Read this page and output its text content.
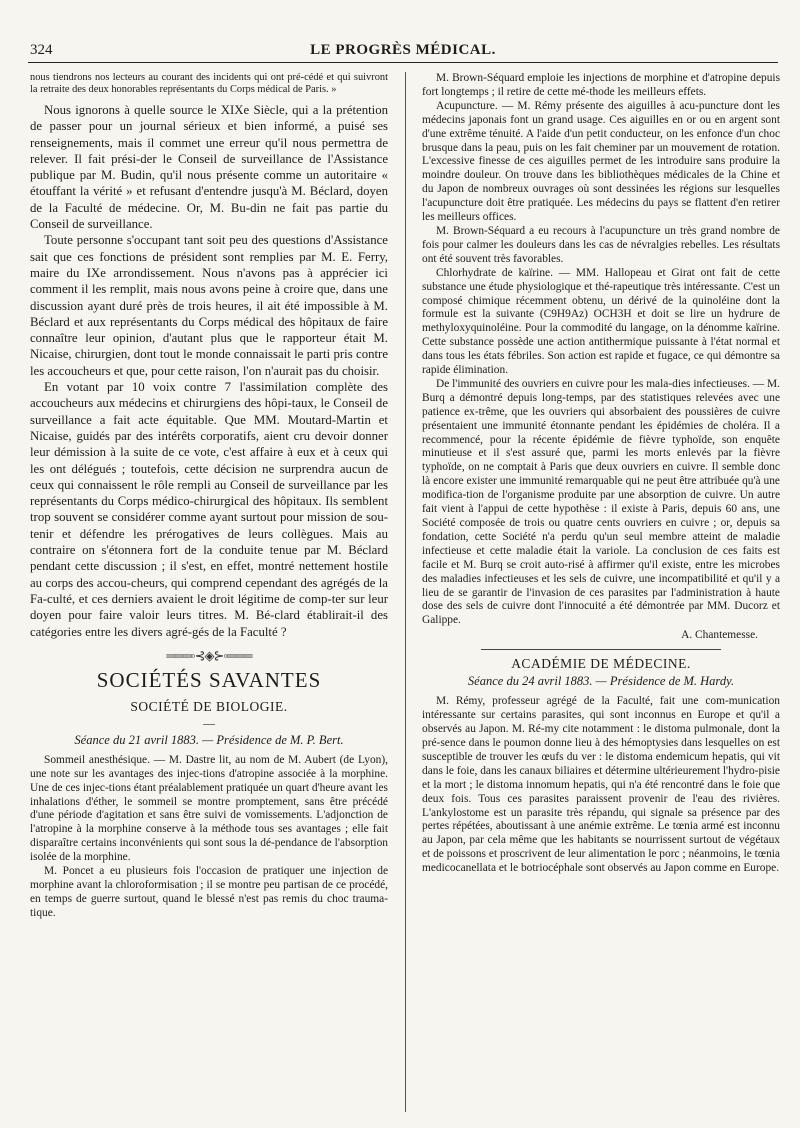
324	LE PROGRÈS MÉDICAL.

nous tiendrons nos lecteurs au courant des incidents qui ont pré-cédé et qui suivront la retraite des deux honorables représentants du Corps médical de Paris. »

Nous ignorons à quelle source le XIXe Siècle, qui a la prétention de passer pour un journal sérieux et bien informé, a puisé ses renseignements, mais il commet une erreur qu'il nous permettra de relever. Il fait prési-der le Conseil de surveillance de l'Assistance publique par M. Budin, qu'il nous présente comme un autoritaire « étouffant la vérité » et refusant d'entendre jusqu'à M. Béclard, doyen de la Faculté de médecine. Or, M. Bu-din ne fait pas partie du Conseil de surveillance.

Toute personne s'occupant tant soit peu des questions d'Assistance sait que ces fonctions de président sont remplies par M. E. Ferry, maire du IXe arrondissement. Nous n'avons pas à apprécier ici comment il les remplit, mais nous avons peine à croire que, dans une discussion ayant duré près de trois heures, il ait été impossible à M. Béclard et aux représentants du Corps médical des hôpitaux de faire connaître leur opinion, d'autant plus que le rapporteur était M. Nicaise, chirurgien, dont tout le monde connaissait le parti pris contre les accoucheurs et que, pour cette raison, l'on n'aurait pas du choisir.

En votant par 10 voix contre 7 l'assimilation complète des accoucheurs aux médecins et chirurgiens des hôpi-taux, le Conseil de surveillance a fait acte équitable. Que MM. Moutard-Martin et Nicaise, guidés par des intérêts corporatifs, aient cru devoir donner leur démission à la suite de ce vote, c'est affaire à eux et à ceux qui les ont délégués ; toutefois, cette décision ne surprendra aucun de ceux qui connaissent le rôle rempli au Conseil de surveillance par les représentants du Corps médico-chirurgical des hôpitaux. Ils semblent trop souvent se considérer comme ayant surtout pour mission de sou-tenir et défendre les prérogatives de leurs collègues. Mais au contraire on s'étonnera fort de la conduite tenue par M. Béclard pendant cette discussion ; il s'est, en effet, montré nettement hostile au corps des accou-cheurs, qui comprend cependant des agrégés de la Fa-culté, et ces derniers avaient le droit légitime de comp-ter sur leur doyen pour faire valoir leurs titres. M. Bé-clard établirait-il des catégories entre les divers agré-gés de la Faculté ?

═══◦⊰◈⊱◦═══
SOCIÉTÉS SAVANTES
SOCIÉTÉ DE BIOLOGIE.
—
Séance du 21 avril 1883. — Présidence de M. P. Bert.

Sommeil anesthésique. — M. Dastre lit, au nom de M. Aubert (de Lyon), une note sur les avantages des injec-tions d'atropine associée à la morphine. Une de ces injec-tions étant préalablement pratiquée un quart d'heure avant les inhalations d'éther, le sommeil se montre promptement, sans être précédé d'une période d'agitation et sans être suivi de vomissements. L'adjonction de l'atropine à la morphine conserve à la méthode tous ses avantages ; elle fait disparaître certains inconvénients qui sont sous la dé-pendance de l'absorption isolée de la morphine.

M. Poncet a eu plusieurs fois l'occasion de pratiquer une injection de morphine avant la chloroformisation ; il se montre peu partisan de ce procédé, en temps de guerre surtout, quand le blessé n'est pas remis du choc trauma-tique.

M. Brown-Séquard emploie les injections de morphine et d'atropine depuis fort longtemps ; il retire de cette mé-thode les meilleurs effets.

Acupuncture. — M. Rémy présente des aiguilles à acu-puncture dont les médecins japonais font un grand usage. Ces aiguilles en or ou en argent sont d'une extrême ténuité. A l'aide d'un petit conducteur, on les enfonce d'un choc brusque dans la peau, puis on les fait cheminer par un mouvement de rotation. L'excessive finesse de ces aiguilles permet de les introduire sans produire la moindre douleur. On trouve dans les bibliothèques médicales de la Chine et du Japon de nombreux ouvrages où sont dessinées les régions sur lesquelles l'acupuncture doit être pratiquée. Les médecins du pays se flattent d'en retirer les meilleurs offices.

M. Brown-Séquard a eu recours à l'acupuncture un très grand nombre de fois pour calmer les douleurs dans les cas de névralgies rebelles. Les résultats ont été souvent très favorables.

Chlorhydrate de kaïrine. — MM. Hallopeau et Girat ont fait de cette substance une étude physiologique et thé-rapeutique très intéressante. C'est un composé chimique récemment obtenu, un dérivé de la quinoléine dont la formule est la suivante (C9H9Az) OCH3H et doit se lire un hydrure de methyloxyquinoléine. Pour la commodité du langage, on la dénomme kaïrine. Cette substance possède une action antithermique puissante à l'état normal et dans tous les états fébriles. Son action est rapide et fugace, ce qui démontre sa rapide élimination.

De l'immunité des ouvriers en cuivre pour les mala-dies infectieuses. — M. Burq a démontré depuis long-temps, par des statistiques relevées avec une patience ex-trême, que les ouvriers qui absorbaient des poussières de cuivre présentaient une immunité étonnante pendant les épidémies de choléra. Il a recommencé, pour la récente épidémie de fièvre typhoïde, son enquête minutieuse et il s'est assuré que, parmi les morts enlevés par la fièvre typhoïde, on ne comptait à Paris que deux ouvriers en cuivre. Il semble donc là encore exister une immunité remarquable qui ne peut être attribuée qu'à une modifica-tion de l'organisme produite par une absorption de cuivre. Un autre fait vient à l'appui de cette hypothèse : il existe à Paris, depuis 60 ans, une Société composée de trois ou quatre cents ouvriers en cuivre ; or, depuis sa fondation, cette Société n'a perdu qu'un seul membre atteint de maladie infectieuse et cette maladie était la variole. La conclusion de ces faits est facile et M. Burq se croit auto-risé à affirmer qu'il existe, entre les microbes des maladies infectieuses et les sels de cuivre, une incompatibilité et qu'il y a lieu de se garantir de l'invasion de ces parasites par l'administration à haute dose des sels de cuivre dont l'innocuité a été démontrée par MM. Ducorz et Galippe.

A. Chantemesse.
ACADÉMIE DE MÉDECINE.
Séance du 24 avril 1883. — Présidence de M. Hardy.

M. Rémy, professeur agrégé de la Faculté, fait une com-munication intéressante sur certains parasites, qui sont inconnus en Europe et qu'il a observés au Japon. M. Ré-my cite notamment : le distoma pulmonale, dont la pré-sence dans le poumon donne lieu à des hémoptysies dans lesquelles on est susceptible de trouver les œufs du ver : le distoma endemicum hepatis, qui vit dans le foie, dans les canaux biliaires et détermine ultérieurement l'hydro-pisie et la mort ; le distoma innomum hepatis, qui n'a été rencontré dans le foie que deux fois. Tous ces parasites paraissent provenir de l'eau des rivières. L'ankylostome est un parasite très répandu, qui signale sa présence par des pertes répétées, aboutissant à une anémie extrême. Le tœnia armé est inconnu au Japon, par cela même que les habitants se nourrissent surtout de végétaux et de poissons et proscrivent de leur alimentation le porc ; néanmoins, le tœnia medicocanellata et le botriocéphale sont observés au Japon comme en Europe.
